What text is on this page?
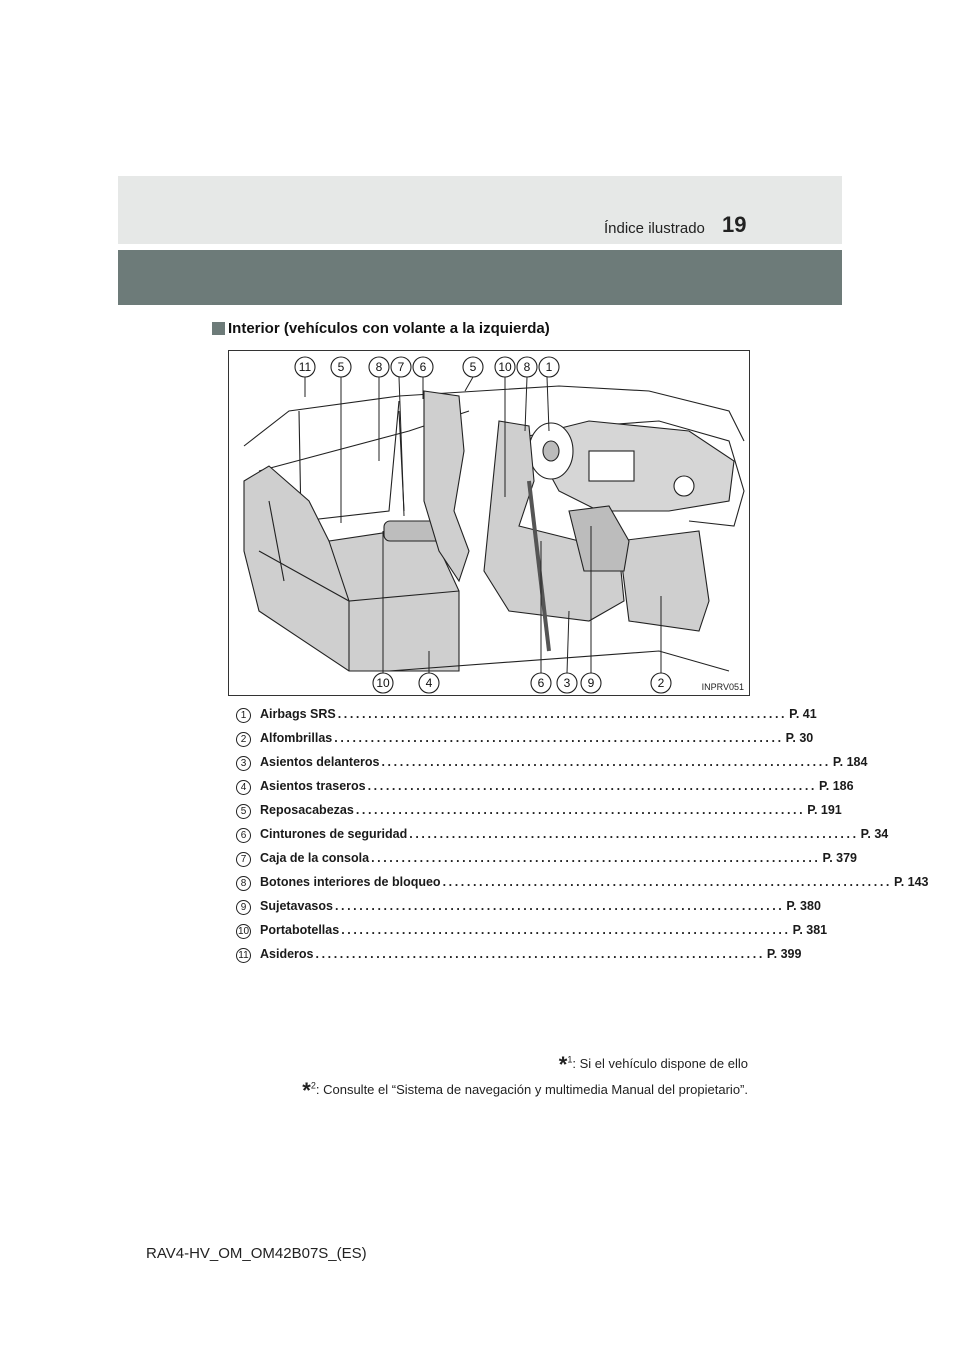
Índice ilustrado 19
Interior (vehículos con volante a la izquierda)
11 5	8 7 6	5 10 8 1
10	4	6 3 9	2	INPRV051
1	Airbags SRS .......................................................................... P. 41
2	Alfombrillas .......................................................................... P. 30
3	Asientos delanteros .......................................................................... P. 184
4	Asientos traseros .......................................................................... P. 186
5	Reposacabezas .......................................................................... P. 191
6	Cinturones de seguridad .......................................................................... P. 34
7	Caja de la consola .......................................................................... P. 379
8	Botones interiores de bloqueo .......................................................................... P. 143
9	Sujetavasos .......................................................................... P. 380
10 Portabotellas .......................................................................... P. 381
11 Asideros .......................................................................... P. 399
*$^1$: Si el vehículo dispone de ello
*$^2$: Consulte el “Sistema de navegación y multimedia Manual del propietario”.
RAV4-HV_OM_OM42B07S_(ES)
